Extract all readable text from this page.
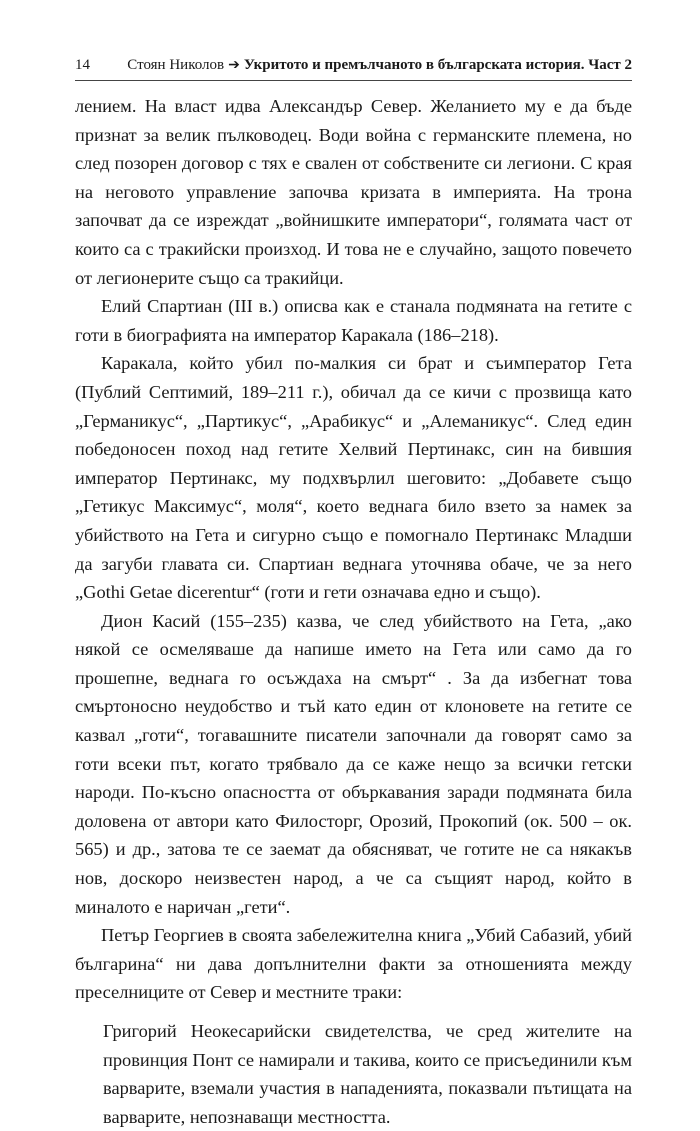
14	Стоян Николов ➔ Укритото и премълчаното в българската история. Част 2

лением. На власт идва Александър Север. Желанието му е да бъде признат за велик пълководец. Води война с германските племена, но след позорен договор с тях е свален от собствените си легиони. С края на неговото управление започва кризата в империята. На трона започват да се изреждат „войнишките императори“, голямата част от които са с тракийски произход. И това не е случайно, защото повечето от легионерите също са тракийци.

Елий Спартиан (III в.) описва как е станала подмяната на гетите с готи в биографията на император Каракала (186–218).

Каракала, който убил по-малкия си брат и съимператор Гета (Публий Септимий, 189–211 г.), обичал да се кичи с прозвища като „Германикус“, „Партикус“, „Арабикус“ и „Алеманикус“. След един победоносен поход над гетите Хелвий Пертинакс, син на бившия император Пертинакс, му подхвърлил шеговито: „Добавете също „Гетикус Максимус“, моля“, което веднага било взето за намек за убийството на Гета и сигурно също е помогнало Пертинакс Младши да загуби главата си. Спартиан веднага уточнява обаче, че за него „Gothi Getae dicerentur“ (готи и гети означава едно и също).

Дион Касий (155–235) казва, че след убийството на Гета, „ако някой се осмеляваше да напише името на Гета или само да го прошепне, веднага го осъждаха на смърт“ . За да избегнат това смъртоносно неудобство и тъй като един от клоновете на гетите се казвал „готи“, тогавашните писатели започнали да говорят само за готи всеки път, когато трябвало да се каже нещо за всички гетски народи. По-късно опасността от объркавания заради подмяната била доловена от автори като Филосторг, Орозий, Прокопий (ок. 500 – ок. 565) и др., затова те се заемат да обясняват, че готите не са някакъв нов, доскоро неизвестен народ, а че са същият народ, който в миналото е наричан „гети“.

Петър Георгиев в своята забележителна книга „Убий Сабазий, убий българина“ ни дава допълнителни факти за отношенията между преселниците от Север и местните траки:

Григорий Неокесарийски свидетелства, че сред жителите на провинция Понт се намирали и такива, които се присъединили към варварите, вземали участия в нападенията, показвали пътищата на варварите, непознаващи местността.
